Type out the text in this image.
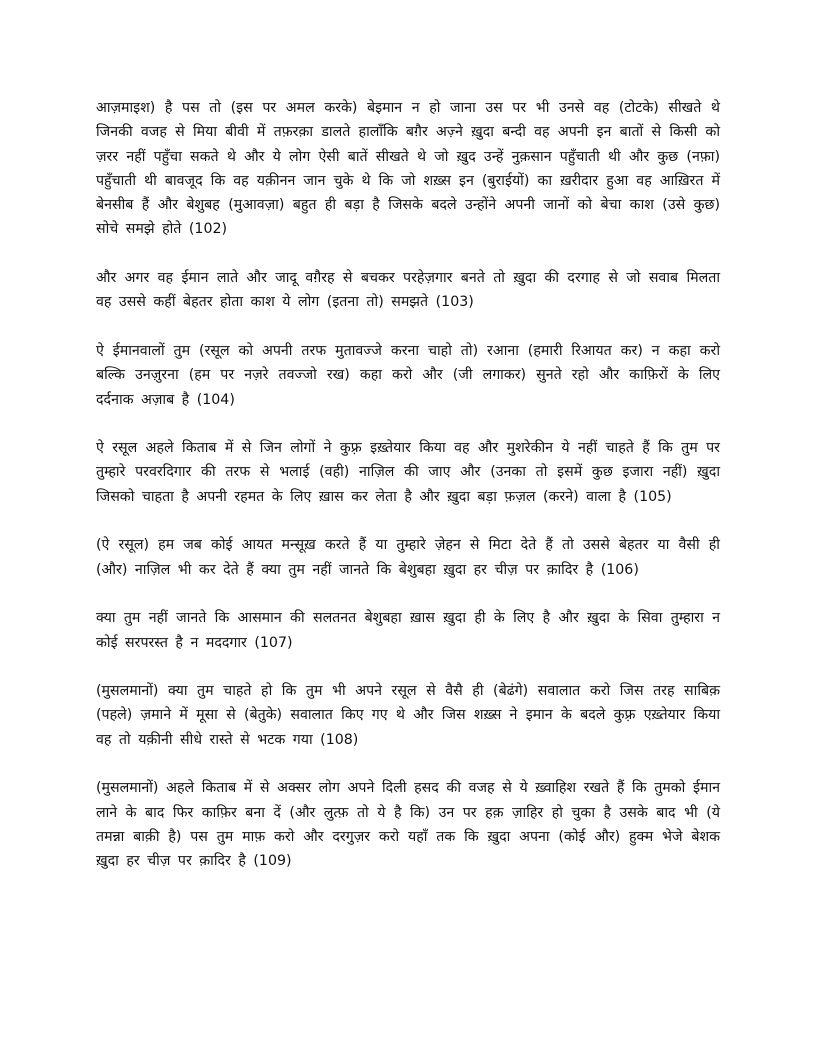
आज़माइश) है पस तो (इस पर अमल करके) बेइमान न हो जाना उस पर भी उनसे वह (टोटके) सीखते थे जिनकी वजह से मिया बीवी में तफ़रक़ा डालते हालाँकि बग़ैर अज़्ने ख़ुदा बन्दी वह अपनी इन बातों से किसी को ज़रर नहीं पहुँचा सकते थे और ये लोग ऐसी बातें सीखते थे जो ख़ुद उन्हें नुक़सान पहुँचाती थी और कुछ (नफ़ा) पहुँचाती थी बावजूद कि वह यक़ीनन जान चुके थे कि जो शख़्स इन (बुराईयों) का ख़रीदार हुआ वह आख़िरत में बेनसीब हैं और बेशुबह (मुआवज़ा) बहुत ही बड़ा है जिसके बदले उन्होंने अपनी जानों को बेचा काश (उसे कुछ) सोचे समझे होते (102)

और अगर वह ईमान लाते और जादू वग़ैरह से बचकर परहेज़गार बनते तो ख़ुदा की दरगाह से जो सवाब मिलता वह उससे कहीं बेहतर होता काश ये लोग (इतना तो) समझते (103)

ऐ ईमानवालों तुम (रसूल को अपनी तरफ मुतावज्जे करना चाहो तो) रआना (हमारी रिआयत कर) न कहा करो बल्कि उनज़ुरना (हम पर नज़रे तवज्जो रख) कहा करो और (जी लगाकर) सुनते रहो और काफ़िरों के लिए दर्दनाक अज़ाब है (104)

ऐ रसूल अहले किताब में से जिन लोगों ने कुफ़्र इख़्तेयार किया वह और मुशरेकीन ये नहीं चाहते हैं कि तुम पर तुम्हारे परवरदिगार की तरफ से भलाई (वही) नाज़िल की जाए और (उनका तो इसमें कुछ इजारा नहीं) ख़ुदा जिसको चाहता है अपनी रहमत के लिए ख़ास कर लेता है और ख़ुदा बड़ा फ़ज़ल (करने) वाला है (105)

(ऐ रसूल) हम जब कोई आयत मन्सूख़ करते हैं या तुम्हारे ज़ेहन से मिटा देते हैं तो उससे बेहतर या वैसी ही (और) नाज़िल भी कर देते हैं क्या तुम नहीं जानते कि बेशुबहा ख़ुदा हर चीज़ पर क़ादिर है (106)

क्या तुम नहीं जानते कि आसमान की सलतनत बेशुबहा ख़ास ख़ुदा ही के लिए है और ख़ुदा के सिवा तुम्हारा न कोई सरपरस्त है न मददगार (107)

(मुसलमानों) क्या तुम चाहते हो कि तुम भी अपने रसूल से वैसै ही (बेढंगे) सवालात करो जिस तरह साबिक़ (पहले) ज़माने में मूसा से (बेतुके) सवालात किए गए थे और जिस शख़्स ने इमान के बदले कुफ़्र एख़्तेयार किया वह तो यक़ीनी सीधे रास्ते से भटक गया (108)

(मुसलमानों) अहले किताब में से अक्सर लोग अपने दिली हसद की वजह से ये ख़्वाहिश रखते हैं कि तुमको ईमान लाने के बाद फिर काफ़िर बना दें (और लुत्फ़ तो ये है कि) उन पर हक़ ज़ाहिर हो चुका है उसके बाद भी (ये तमन्ना बाक़ी है) पस तुम माफ़ करो और दरगुज़र करो यहाँ तक कि ख़ुदा अपना (कोई और) हुक्म भेजे बेशक ख़ुदा हर चीज़ पर क़ादिर है (109)
